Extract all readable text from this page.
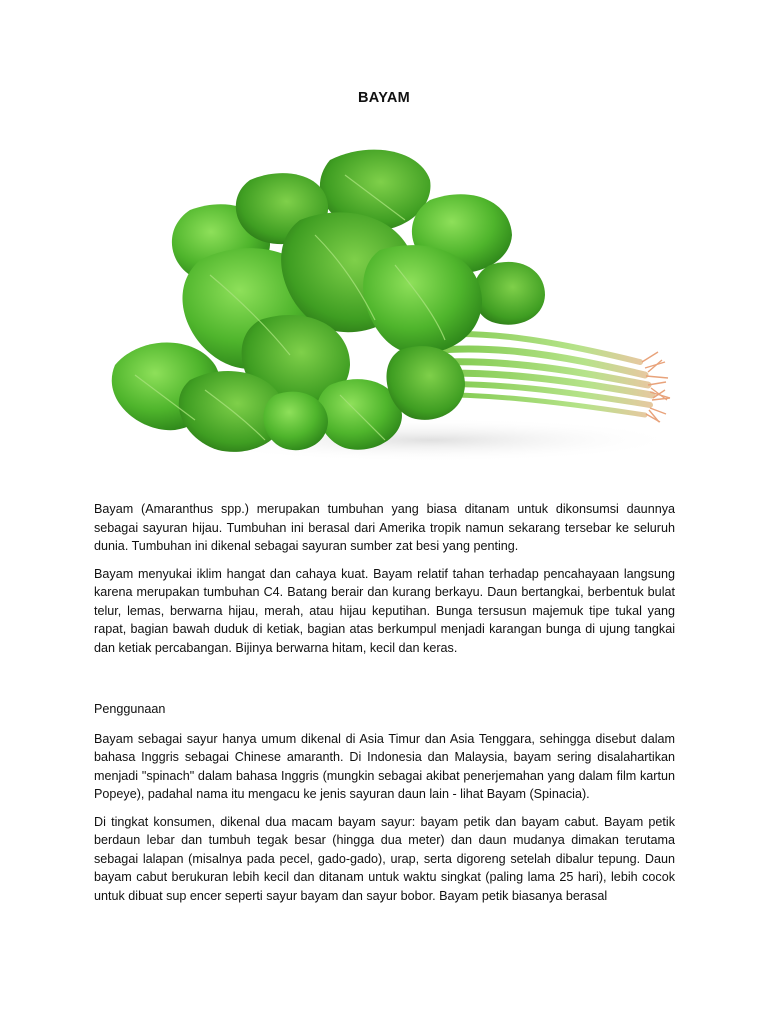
BAYAM

Bayam (Amaranthus spp.) merupakan tumbuhan yang biasa ditanam untuk dikonsumsi daunnya sebagai sayuran hijau. Tumbuhan ini berasal dari Amerika tropik namun sekarang tersebar ke seluruh dunia. Tumbuhan ini dikenal sebagai sayuran sumber zat besi yang penting.

Bayam menyukai iklim hangat dan cahaya kuat. Bayam relatif tahan terhadap pencahayaan langsung karena merupakan tumbuhan C4. Batang berair dan kurang berkayu. Daun bertangkai, berbentuk bulat telur, lemas, berwarna hijau, merah, atau hijau keputihan. Bunga tersusun majemuk tipe tukal yang rapat, bagian bawah duduk di ketiak, bagian atas berkumpul menjadi karangan bunga di ujung tangkai dan ketiak percabangan. Bijinya berwarna hitam, kecil dan keras.

Penggunaan

Bayam sebagai sayur hanya umum dikenal di Asia Timur dan Asia Tenggara, sehingga disebut dalam bahasa Inggris sebagai Chinese amaranth. Di Indonesia dan Malaysia, bayam sering disalahartikan menjadi "spinach" dalam bahasa Inggris (mungkin sebagai akibat penerjemahan yang dalam film kartun Popeye), padahal nama itu mengacu ke jenis sayuran daun lain - lihat Bayam (Spinacia).

Di tingkat konsumen, dikenal dua macam bayam sayur: bayam petik dan bayam cabut. Bayam petik berdaun lebar dan tumbuh tegak besar (hingga dua meter) dan daun mudanya dimakan terutama sebagai lalapan (misalnya pada pecel, gado-gado), urap, serta digoreng setelah dibalur tepung. Daun bayam cabut berukuran lebih kecil dan ditanam untuk waktu singkat (paling lama 25 hari), lebih cocok untuk dibuat sup encer seperti sayur bayam dan sayur bobor. Bayam petik biasanya berasal
